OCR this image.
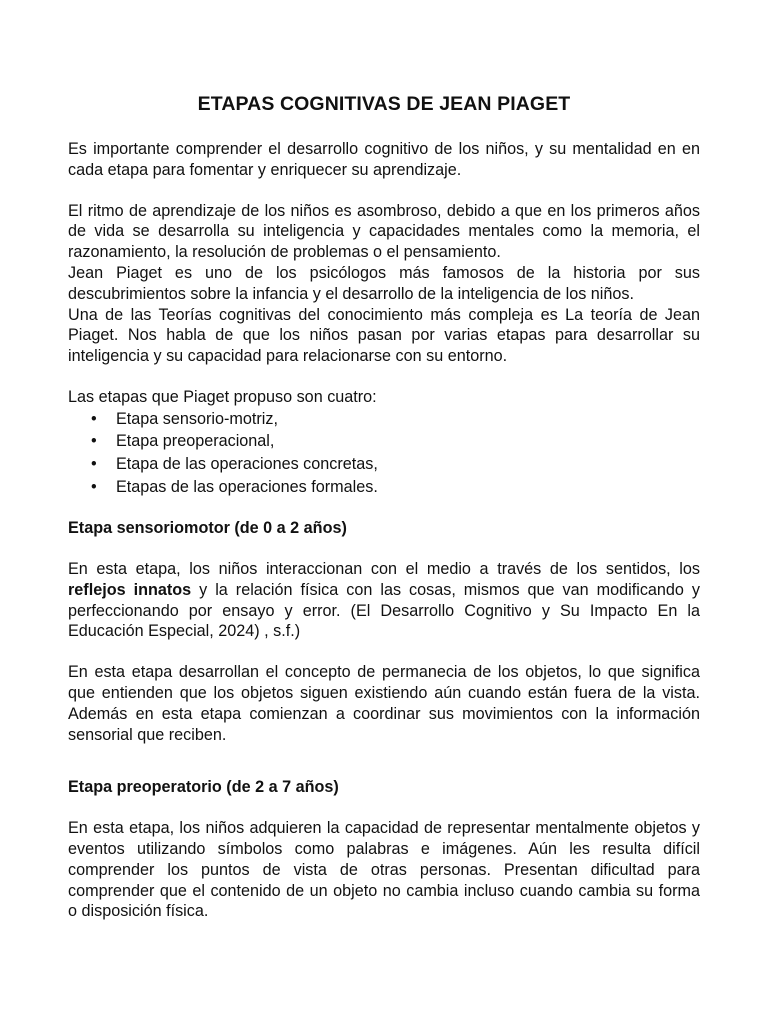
ETAPAS COGNITIVAS DE JEAN PIAGET

Es importante comprender el desarrollo cognitivo de los niños, y su mentalidad en en cada etapa para fomentar y enriquecer su aprendizaje.

El ritmo de aprendizaje de los niños es asombroso, debido a que en los primeros años de vida se desarrolla su inteligencia y capacidades mentales como la memoria, el razonamiento, la resolución de problemas o el pensamiento.

Jean Piaget es uno de los psicólogos más famosos de la historia por sus descubrimientos sobre la infancia y el desarrollo de la inteligencia de los niños.

Una de las Teorías cognitivas del conocimiento más compleja es La teoría de Jean Piaget. Nos habla de que los niños pasan por varias etapas para desarrollar su inteligencia y su capacidad para relacionarse con su entorno.

Las etapas que Piaget propuso son cuatro:

• Etapa sensorio-motriz,
• Etapa preoperacional,
• Etapa de las operaciones concretas,
• Etapas de las operaciones formales.
Etapa sensoriomotor (de 0 a 2 años)

En esta etapa, los niños interaccionan con el medio a través de los sentidos, los reflejos innatos y la relación física con las cosas, mismos que van modificando y perfeccionando por ensayo y error. (El Desarrollo Cognitivo y Su Impacto En la Educación Especial, 2024) , s.f.)

En esta etapa desarrollan el concepto de permanecia de los objetos, lo que significa que entienden que los objetos siguen existiendo aún cuando están fuera de la vista. Además en esta etapa comienzan a coordinar sus movimientos con la información sensorial que reciben.

Etapa preoperatorio (de 2 a 7 años)

En esta etapa, los niños adquieren la capacidad de representar mentalmente objetos y eventos utilizando símbolos como palabras e imágenes. Aún les resulta difícil comprender los puntos de vista de otras personas. Presentan dificultad para comprender que el contenido de un objeto no cambia incluso cuando cambia su forma o disposición física.
